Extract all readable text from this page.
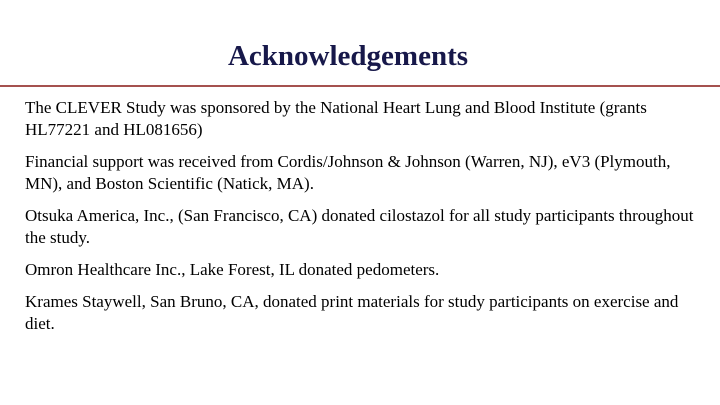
Acknowledgements

The CLEVER Study was sponsored by the National Heart Lung and Blood Institute (grants HL77221 and HL081656)

Financial support was received from Cordis/Johnson & Johnson (Warren, NJ), eV3 (Plymouth, MN), and Boston Scientific (Natick, MA).

Otsuka America, Inc., (San Francisco, CA) donated cilostazol for all study participants throughout the study.

Omron Healthcare Inc., Lake Forest, IL donated pedometers.

Krames Staywell, San Bruno, CA, donated print materials for study participants on exercise and diet.
